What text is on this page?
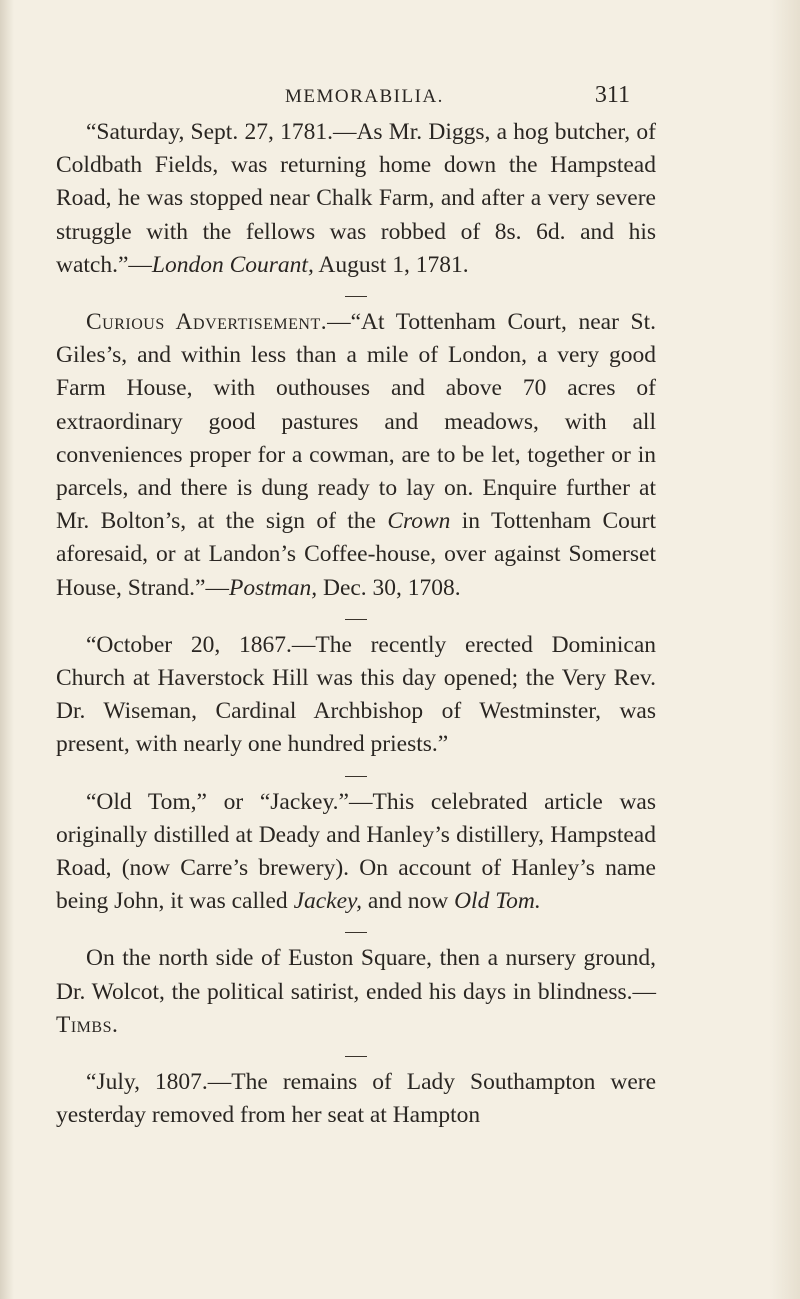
MEMORABILIA.	311

“Saturday, Sept. 27, 1781.—As Mr. Diggs, a hog butcher, of Coldbath Fields, was returning home down the Hampstead Road, he was stopped near Chalk Farm, and after a very severe struggle with the fellows was robbed of 8s. 6d. and his watch.”—London Courant, August 1, 1781.

Curious Advertisement.—“At Tottenham Court, near St. Giles’s, and within less than a mile of London, a very good Farm House, with outhouses and above 70 acres of extraordinary good pastures and meadows, with all conveniences proper for a cowman, are to be let, together or in parcels, and there is dung ready to lay on. Enquire further at Mr. Bolton’s, at the sign of the Crown in Tottenham Court aforesaid, or at Landon’s Coffee-house, over against Somerset House, Strand.”—Postman, Dec. 30, 1708.

“October 20, 1867.—The recently erected Dominican Church at Haverstock Hill was this day opened; the Very Rev. Dr. Wiseman, Cardinal Archbishop of Westminster, was present, with nearly one hundred priests.”

“Old Tom,” or “Jackey.”—This celebrated article was originally distilled at Deady and Hanley’s distillery, Hampstead Road, (now Carre’s brewery). On account of Hanley’s name being John, it was called Jackey, and now Old Tom.

On the north side of Euston Square, then a nursery ground, Dr. Wolcot, the political satirist, ended his days in blindness.—Timbs.

“July, 1807.—The remains of Lady Southampton were yesterday removed from her seat at Hampton
